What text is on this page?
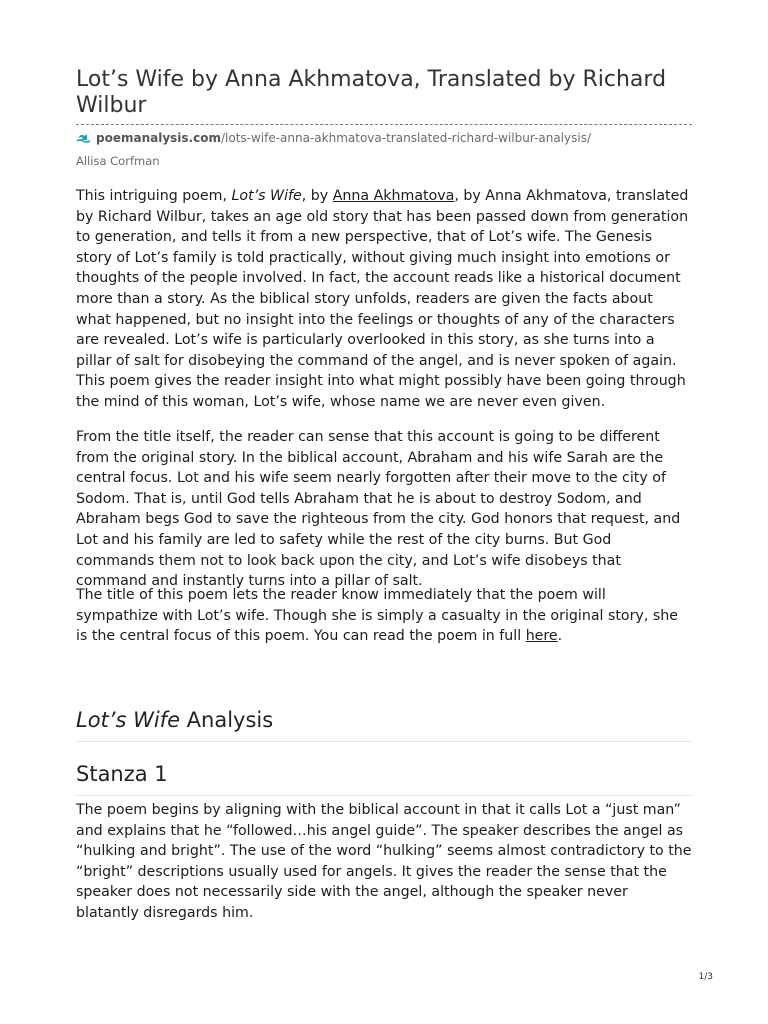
Lot’s Wife by Anna Akhmatova, Translated by Richard Wilbur
poemanalysis.com/lots-wife-anna-akhmatova-translated-richard-wilbur-analysis/
Allisa Corfman

This intriguing poem, Lot’s Wife, by Anna Akhmatova, by Anna Akhmatova, translated by Richard Wilbur, takes an age old story that has been passed down from generation to generation, and tells it from a new perspective, that of Lot’s wife. The Genesis story of Lot’s family is told practically, without giving much insight into emotions or thoughts of the people involved. In fact, the account reads like a historical document more than a story. As the biblical story unfolds, readers are given the facts about what happened, but no insight into the feelings or thoughts of any of the characters are revealed. Lot’s wife is particularly overlooked in this story, as she turns into a pillar of salt for disobeying the command of the angel, and is never spoken of again. This poem gives the reader insight into what might possibly have been going through the mind of this woman, Lot’s wife, whose name we are never even given.

From the title itself, the reader can sense that this account is going to be different from the original story. In the biblical account, Abraham and his wife Sarah are the central focus. Lot and his wife seem nearly forgotten after their move to the city of Sodom. That is, until God tells Abraham that he is about to destroy Sodom, and Abraham begs God to save the righteous from the city. God honors that request, and Lot and his family are led to safety while the rest of the city burns. But God commands them not to look back upon the city, and Lot’s wife disobeys that command and instantly turns into a pillar of salt.

The title of this poem lets the reader know immediately that the poem will sympathize with Lot’s wife. Though she is simply a casualty in the original story, she is the central focus of this poem. You can read the poem in full here.

Lot’s Wife Analysis
Stanza 1

The poem begins by aligning with the biblical account in that it calls Lot a “just man” and explains that he “followed…his angel guide”. The speaker describes the angel as “hulking and bright”. The use of the word “hulking” seems almost contradictory to the “bright” descriptions usually used for angels. It gives the reader the sense that the speaker does not necessarily side with the angel, although the speaker never blatantly disregards him.

1/3
